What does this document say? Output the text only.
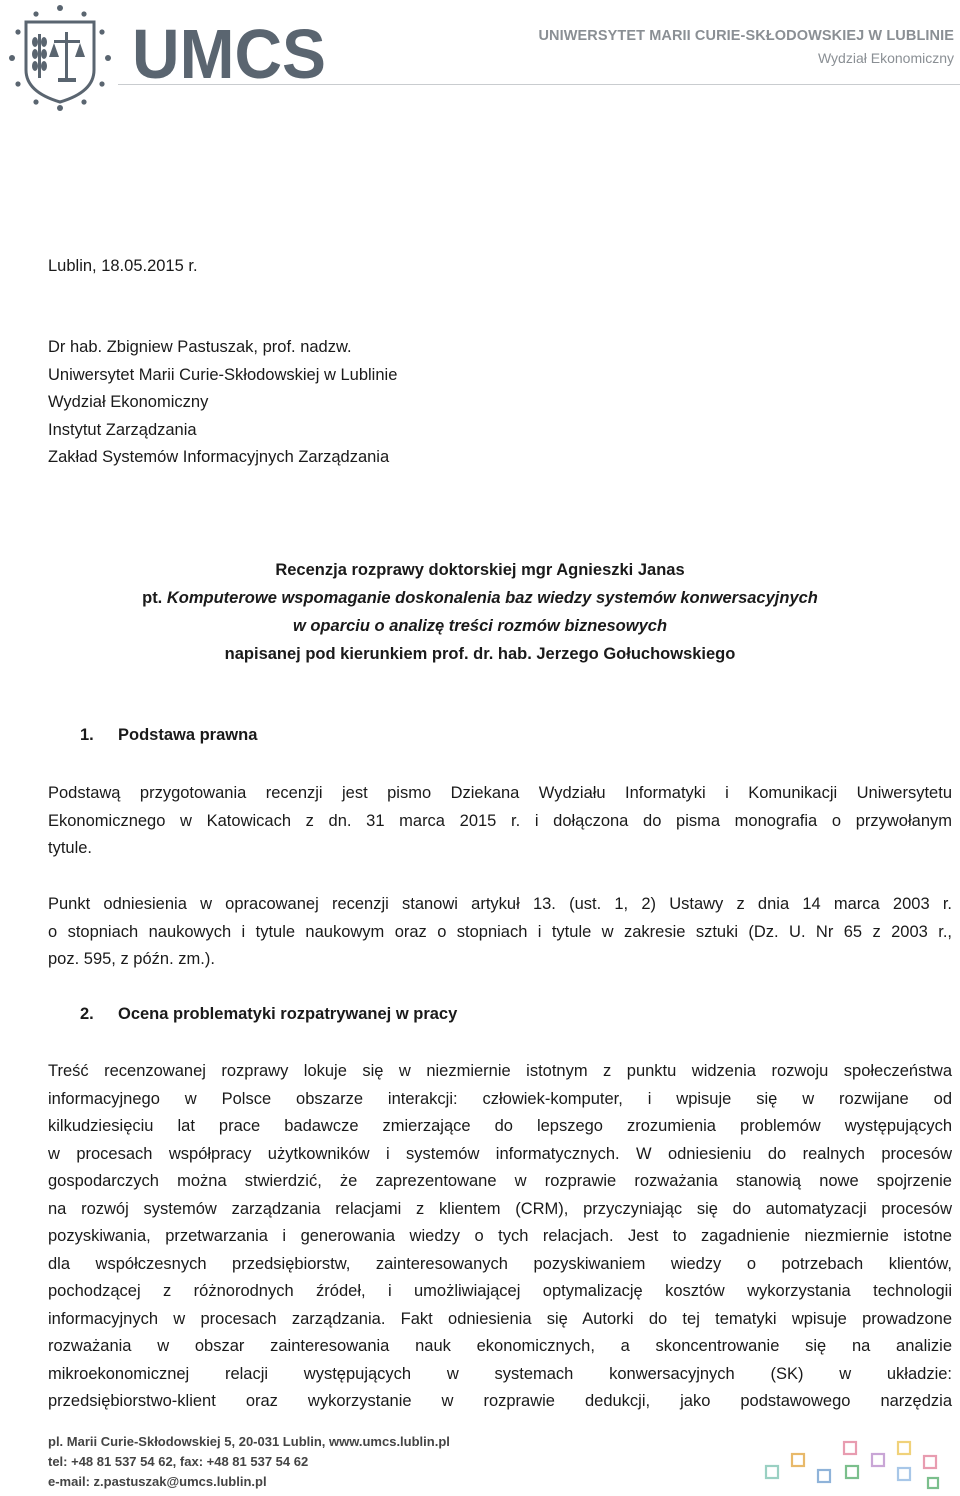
UMCS	UNIWERSYTET MARII CURIE-SKŁODOWSKIEJ W LUBLINIE
Wydział Ekonomiczny
Lublin, 18.05.2015 r.
Dr hab. Zbigniew Pastuszak, prof. nadzw.
Uniwersytet Marii Curie-Skłodowskiej w Lublinie
Wydział Ekonomiczny
Instytut Zarządzania
Zakład Systemów Informacyjnych Zarządzania
Recenzja rozprawy doktorskiej mgr Agnieszki Janas
pt. Komputerowe wspomaganie doskonalenia baz wiedzy systemów konwersacyjnych
w oparciu o analizę treści rozmów biznesowych
napisanej pod kierunkiem prof. dr. hab. Jerzego Gołuchowskiego
1. Podstawa prawna
Podstawą przygotowania recenzji jest pismo Dziekana Wydziału Informatyki i Komunikacji Uniwersytetu
Ekonomicznego w Katowicach z dn. 31 marca 2015 r. i dołączona do pisma monografia o przywołanym
tytule.
Punkt odniesienia w opracowanej recenzji stanowi artykuł 13. (ust. 1, 2) Ustawy z dnia 14 marca 2003 r.
o stopniach naukowych i tytule naukowym oraz o stopniach i tytule w zakresie sztuki (Dz. U. Nr 65 z 2003 r.,
poz. 595, z późn. zm.).
2. Ocena problematyki rozpatrywanej w pracy
Treść recenzowanej rozprawy lokuje się w niezmiernie istotnym z punktu widzenia rozwoju społeczeństwa
informacyjnego w Polsce obszarze interakcji: człowiek-komputer, i wpisuje się w rozwijane od
kilkudziesięciu lat prace badawcze zmierzające do lepszego zrozumienia problemów występujących
w procesach współpracy użytkowników i systemów informatycznych. W odniesieniu do realnych procesów
gospodarczych można stwierdzić, że zaprezentowane w rozprawie rozważania stanowią nowe spojrzenie
na rozwój systemów zarządzania relacjami z klientem (CRM), przyczyniając się do automatyzacji procesów
pozyskiwania, przetwarzania i generowania wiedzy o tych relacjach. Jest to zagadnienie niezmiernie istotne
dla współczesnych przedsiębiorstw, zainteresowanych pozyskiwaniem wiedzy o potrzebach klientów,
pochodzącej z różnorodnych źródeł, i umożliwiającej optymalizację kosztów wykorzystania technologii
informacyjnych w procesach zarządzania. Fakt odniesienia się Autorki do tej tematyki wpisuje prowadzone
rozważania w obszar zainteresowania nauk ekonomicznych, a skoncentrowanie się na analizie
mikroekonomicznej relacji występujących w systemach konwersacyjnych (SK) w układzie:
przedsiębiorstwo-klient oraz wykorzystanie w rozprawie dedukcji, jako podstawowego narzędzia
pl. Marii Curie-Skłodowskiej 5, 20-031 Lublin, www.umcs.lublin.pl
tel: +48 81 537 54 62, fax: +48 81 537 54 62
e-mail: z.pastuszak@umcs.lublin.pl
